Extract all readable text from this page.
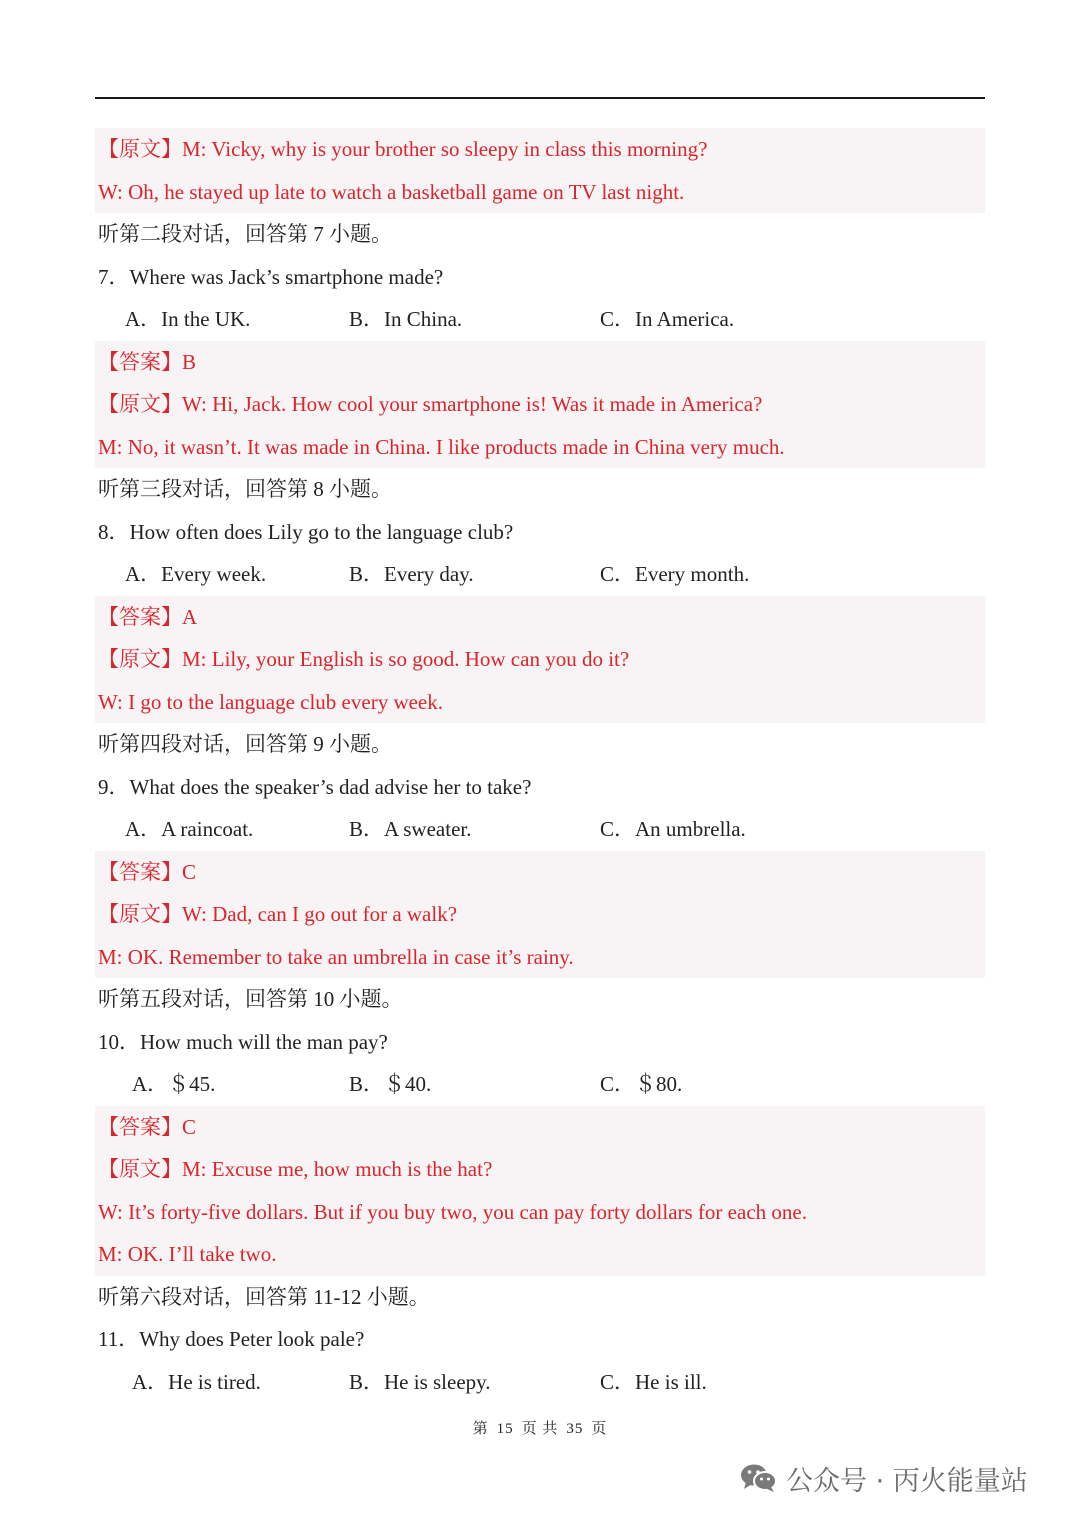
【原文】M: Vicky, why is your brother so sleepy in class this morning?
W: Oh, he stayed up late to watch a basketball game on TV last night.
听第二段对话，回答第 7 小题。
7．Where was Jack’s smartphone made?
A．In the UK.	B．In China.	C．In America.
【答案】B
【原文】W: Hi, Jack. How cool your smartphone is! Was it made in America?
M: No, it wasn’t. It was made in China. I like products made in China very much.
听第三段对话，回答第 8 小题。
8．How often does Lily go to the language club?
A．Every week.	B．Every day.	C．Every month.
【答案】A
【原文】M: Lily, your English is so good. How can you do it?
W: I go to the language club every week.
听第四段对话，回答第 9 小题。
9．What does the speaker’s dad advise her to take?
A．A raincoat.	B．A sweater.	C．An umbrella.
【答案】C
【原文】W: Dad, can I go out for a walk?
M: OK. Remember to take an umbrella in case it’s rainy.
听第五段对话，回答第 10 小题。
10．How much will the man pay?
A．＄45.	B．＄40.	C．＄80.
【答案】C
【原文】M: Excuse me, how much is the hat?
W: It’s forty-five dollars. But if you buy two, you can pay forty dollars for each one.
M: OK. I’ll take two.
听第六段对话，回答第 11-12 小题。
11．Why does Peter look pale?
A．He is tired.	B．He is sleepy.	C．He is ill.
第 15 页 共 35 页
公众号 · 丙火能量站
